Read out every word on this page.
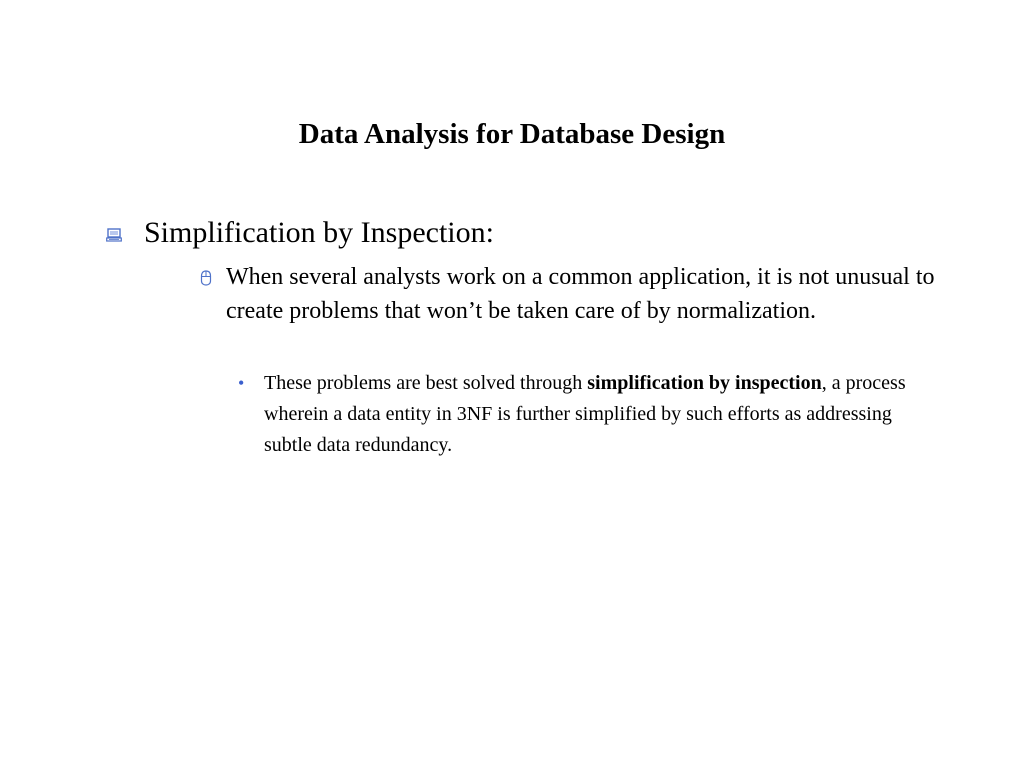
Data Analysis for Database Design
Simplification by Inspection:
When several analysts work on a common application, it is not unusual to create problems that won’t be taken care of by normalization.
• These problems are best solved through simplification by inspection, a process wherein a data entity in 3NF is further simplified by such efforts as addressing subtle data redundancy.
